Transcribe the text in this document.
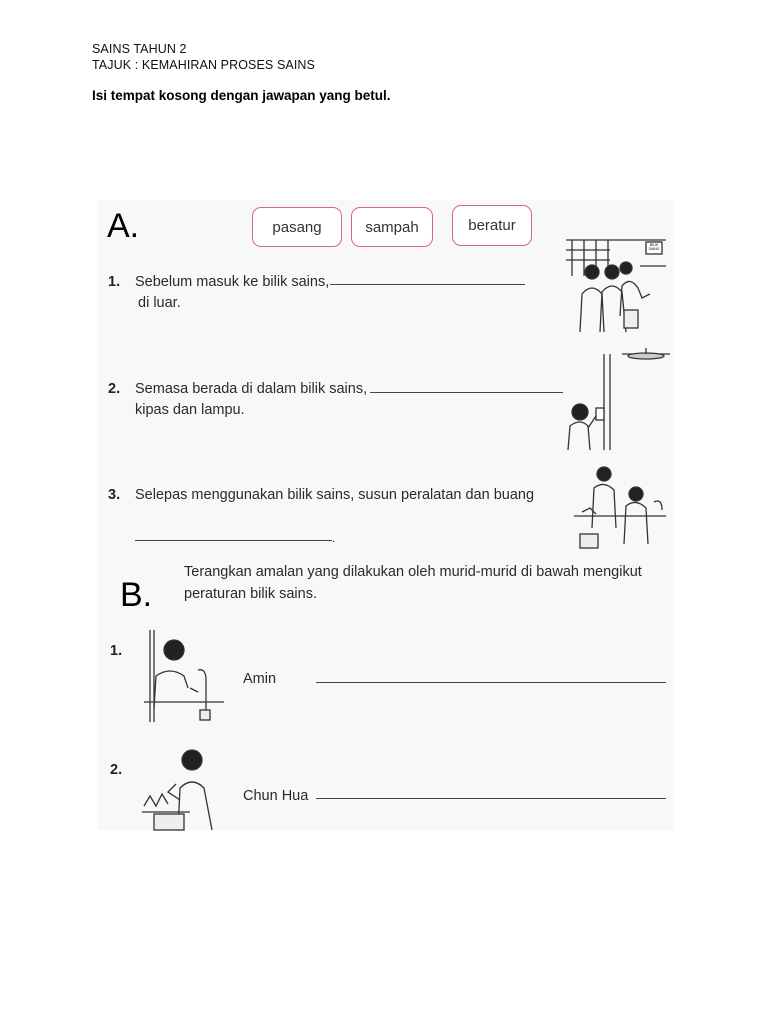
SAINS TAHUN 2
TAJUK : KEMAHIRAN PROSES SAINS
Isi tempat kosong dengan jawapan yang betul.
A.	pasang	sampah	beratur
1. Sebelum masuk ke bilik sains,
di luar.
2. Semasa berada di dalam bilik sains,
kipas dan lampu.
3. Selepas menggunakan bilik sains, susun peralatan dan buang
.
BILIK
SAINS
B.
Terangkan amalan yang dilakukan oleh murid-murid di bawah mengikut
peraturan bilik sains.
1.
Amin
2.
Chun Hua
